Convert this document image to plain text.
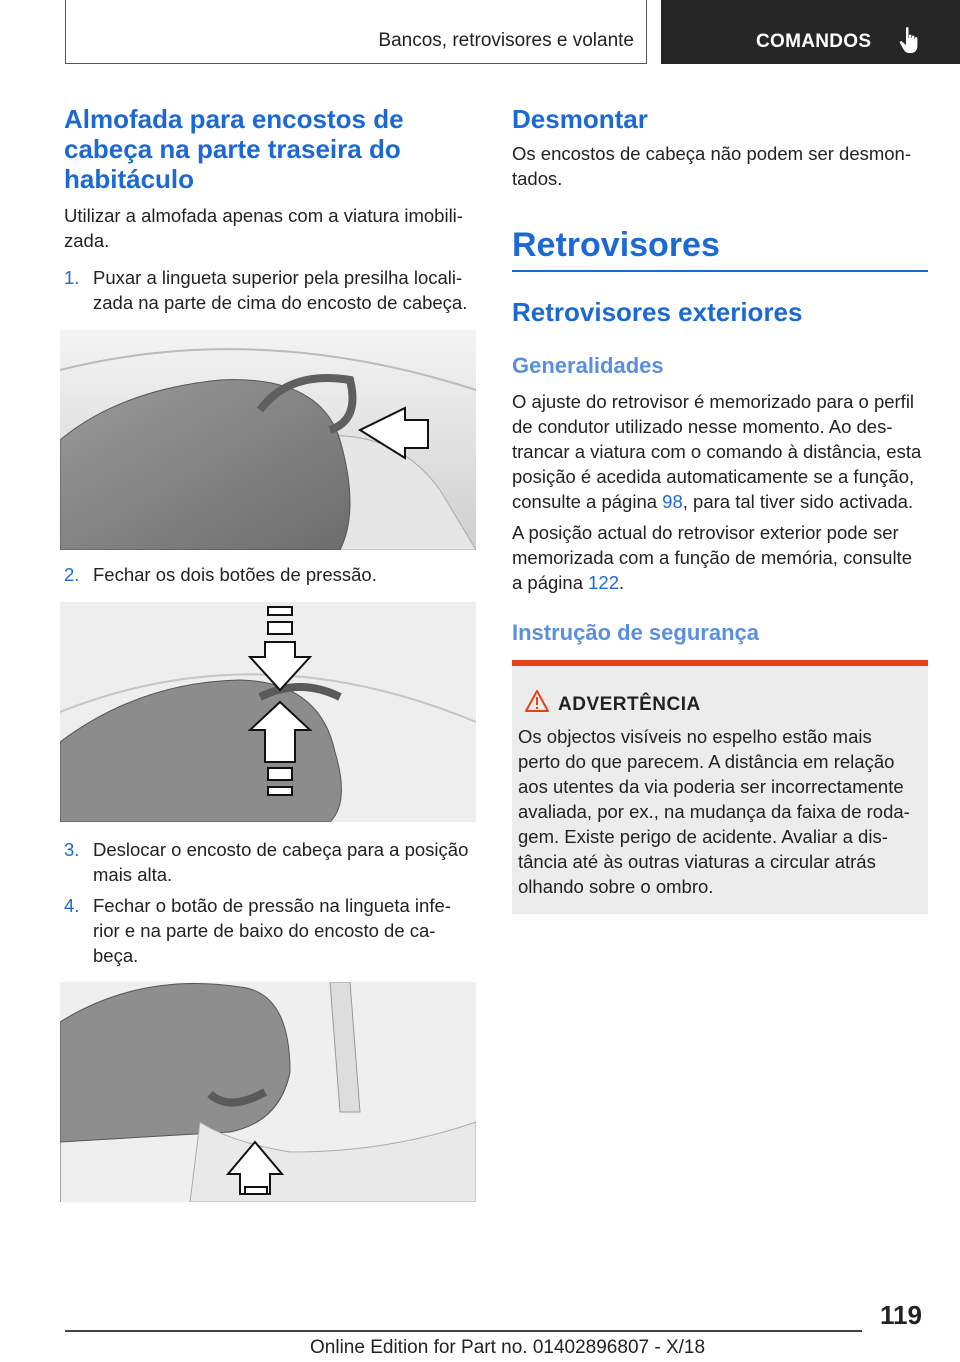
Bancos, retrovisores e volante	COMANDOS
Almofada para encostos de
cabeça na parte traseira do
habitáculo
Utilizar a almofada apenas com a viatura imobili-
zada.
1. Puxar a lingueta superior pela presilha locali-
zada na parte de cima do encosto de cabeça.
2. Fechar os dois botões de pressão.
3. Deslocar o encosto de cabeça para a posição
mais alta.
4. Fechar o botão de pressão na lingueta infe-
rior e na parte de baixo do encosto de ca-
beça.
Desmontar
Os encostos de cabeça não podem ser desmon-
tados.
Retrovisores
Retrovisores exteriores
Generalidades
O ajuste do retrovisor é memorizado para o perfil
de condutor utilizado nesse momento. Ao des-
trancar a viatura com o comando à distância, esta
posição é acedida automaticamente se a função,
consulte a página 98, para tal tiver sido activada.
A posição actual do retrovisor exterior pode ser
memorizada com a função de memória, consulte
a página 122.
Instrução de segurança
ADVERTÊNCIA
Os objectos visíveis no espelho estão mais
perto do que parecem. A distância em relação
aos utentes da via poderia ser incorrectamente
avaliada, por ex., na mudança da faixa de roda-
gem. Existe perigo de acidente. Avaliar a dis-
tância até às outras viaturas a circular atrás
olhando sobre o ombro.
119
Online Edition for Part no. 01402896807 - X/18
